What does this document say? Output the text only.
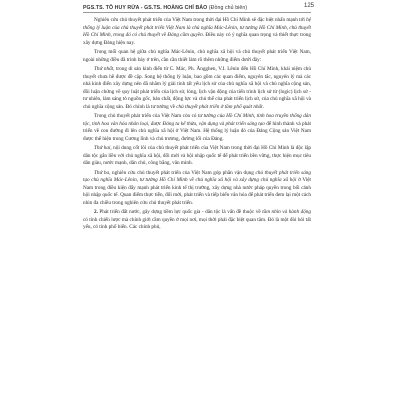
PGS.TS. TÔ HUY RỨA - GS.TS. HOÀNG CHÍ BẢO (Đồng chủ biên)	125

Nghiên cứu chủ thuyết phát triển của Việt Nam trong thời đại Hồ Chí Minh sẽ đặc biệt nhấn mạnh tới hệ thống lý luận của chủ thuyết phát triển Việt Nam là chủ nghĩa Mác-Lênin, tư tưởng Hồ Chí Minh, chủ thuyết Hồ Chí Minh, trong đó có chủ thuyết về Đảng cầm quyền. Điều này có ý nghĩa quan trọng và thiết thực trong xây dựng Đảng hiện nay.

Trong mối quan hệ giữa chủ nghĩa Mác-Lênin, chủ nghĩa xã hội và chủ thuyết phát triển Việt Nam, ngoài những điều đã trình bày ở trên, cần cần thiết làm rõ thêm những điểm dưới đây:

Thứ nhất, trong di sản kinh điển từ C. Mác, Ph. Ăngghen, V.I. Lênin đến Hồ Chí Minh, khái niệm chủ thuyết chưa hề được đề cập. Song hệ thống lý luận, bao gồm các quan điểm, nguyên tắc, nguyên lý mà các nhà kinh điển xây dựng nên đã nhằm lý giải tính tất yếu lịch sử của chủ nghĩa xã hội và chủ nghĩa cộng sản, đồi luận chứng về quy luật phát triển của lịch sử, lòng, lịch vận động của tiến trình lịch sử từ (logic) lịch sử - tư nhiên, làm sáng tỏ nguồn gốc, bản chất, động lực và chủ thể của phát triển lịch sử, của chủ nghĩa xã hội và chủ nghĩa cộng sản. Đó chính là tư tưởng về chủ thuyết phát triển ở tầm phổ quát nhất.

Trong chủ thuyết phát triển của Việt Nam còn có tư tưởng của Hồ Chí Minh, tinh hoa truyền thống dân tộc, tinh hoa văn hóa nhân loại, được Đảng ta kế thừa, vận dụng và phát triển sáng tạo để hình thành và phát triển về con đường đi lên chủ nghĩa xã hội ở Việt Nam. Hệ thống lý luận đó của Đảng Cộng sản Việt Nam được thể hiện trong Cương lĩnh và chủ trương, đường lối của Đảng.

Thứ hai, nội dung cốt lõi của chủ thuyết phát triển của Việt Nam trong thời đại Hồ Chí Minh là độc lập dân tộc gắn liền với chủ nghĩa xã hội, đổi mới và hội nhập quốc tế để phát triển bền vững, thực hiện mục tiêu dân giàu, nước mạnh, dân chủ, công bằng, văn minh.

Thứ ba, nghiên cứu chủ thuyết phát triển của Việt Nam góp phần vận dụng chủ thuyết phát triển sáng tạo chủ nghĩa Mác-Lênin, tư tưởng Hồ Chí Minh về chủ nghĩa xã hội và xây dựng chủ nghĩa xã hội ở Việt Nam trong điều kiện đẩy mạnh phát triển kinh tế thị trường, xây dựng nhà nước pháp quyền trong bối cảnh hội nhập quốc tế. Quan điểm thực tiễn, đổi mới, phát triển và tiếp biến văn hóa để phát triển đem lại một cách nhìn đa chiều trong nghiên cứu chủ thuyết phát triển.

2. Phát triển đất nước, gây dựng tiềm lực quốc gia - dân tộc là vấn đề thuộc về tầm nhìn và hành động có tính chiến lược mà chính giới cầm quyền ở mọi nơi, mọi thời phải đặc biệt quan tâm. Đó là một đòi hỏi tất yếu, có tính phổ biến. Các chính phủ,
